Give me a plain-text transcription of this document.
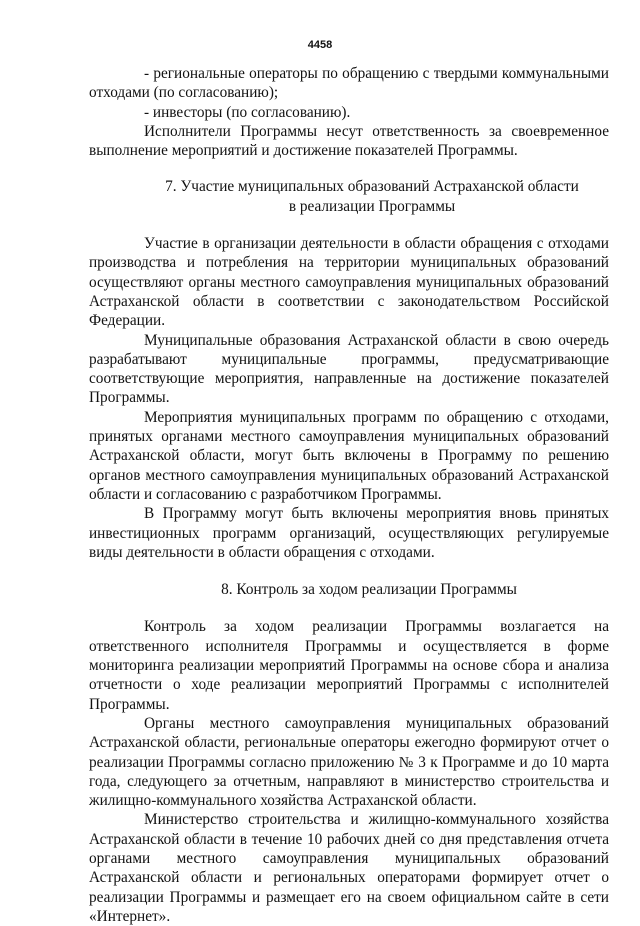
4458

- региональные операторы по обращению с твердыми коммунальными отходами (по согласованию);

- инвесторы (по согласованию).

Исполнители Программы несут ответственность за своевременное выполнение мероприятий и достижение показателей Программы.

7. Участие муниципальных образований Астраханской области
в реализации Программы

Участие в организации деятельности в области обращения с отходами производства и потребления на территории муниципальных образований осуществляют органы местного самоуправления муниципальных образований Астраханской области в соответствии с законодательством Российской Федерации.

Муниципальные образования Астраханской области в свою очередь разрабатывают муниципальные программы, предусматривающие соответствующие мероприятия, направленные на достижение показателей Программы.

Мероприятия муниципальных программ по обращению с отходами, принятых органами местного самоуправления муниципальных образований Астраханской области, могут быть включены в Программу по решению органов местного самоуправления муниципальных образований Астраханской области и согласованию с разработчиком Программы.

В Программу могут быть включены мероприятия вновь принятых инвестиционных программ организаций, осуществляющих регулируемые виды деятельности в области обращения с отходами.

8. Контроль за ходом реализации Программы

Контроль за ходом реализации Программы возлагается на ответственного исполнителя Программы и осуществляется в форме мониторинга реализации мероприятий Программы на основе сбора и анализа отчетности о ходе реализации мероприятий Программы с исполнителей Программы.

Органы местного самоуправления муниципальных образований Астраханской области, региональные операторы ежегодно формируют отчет о реализации Программы согласно приложению № 3 к Программе и до 10 марта года, следующего за отчетным, направляют в министерство строительства и жилищно-коммунального хозяйства Астраханской области.

Министерство строительства и жилищно-коммунального хозяйства Астраханской области в течение 10 рабочих дней со дня представления отчета органами местного самоуправления муниципальных образований Астраханской области и региональных операторами формирует отчет о реализации Программы и размещает его на своем официальном сайте в сети «Интернет».
